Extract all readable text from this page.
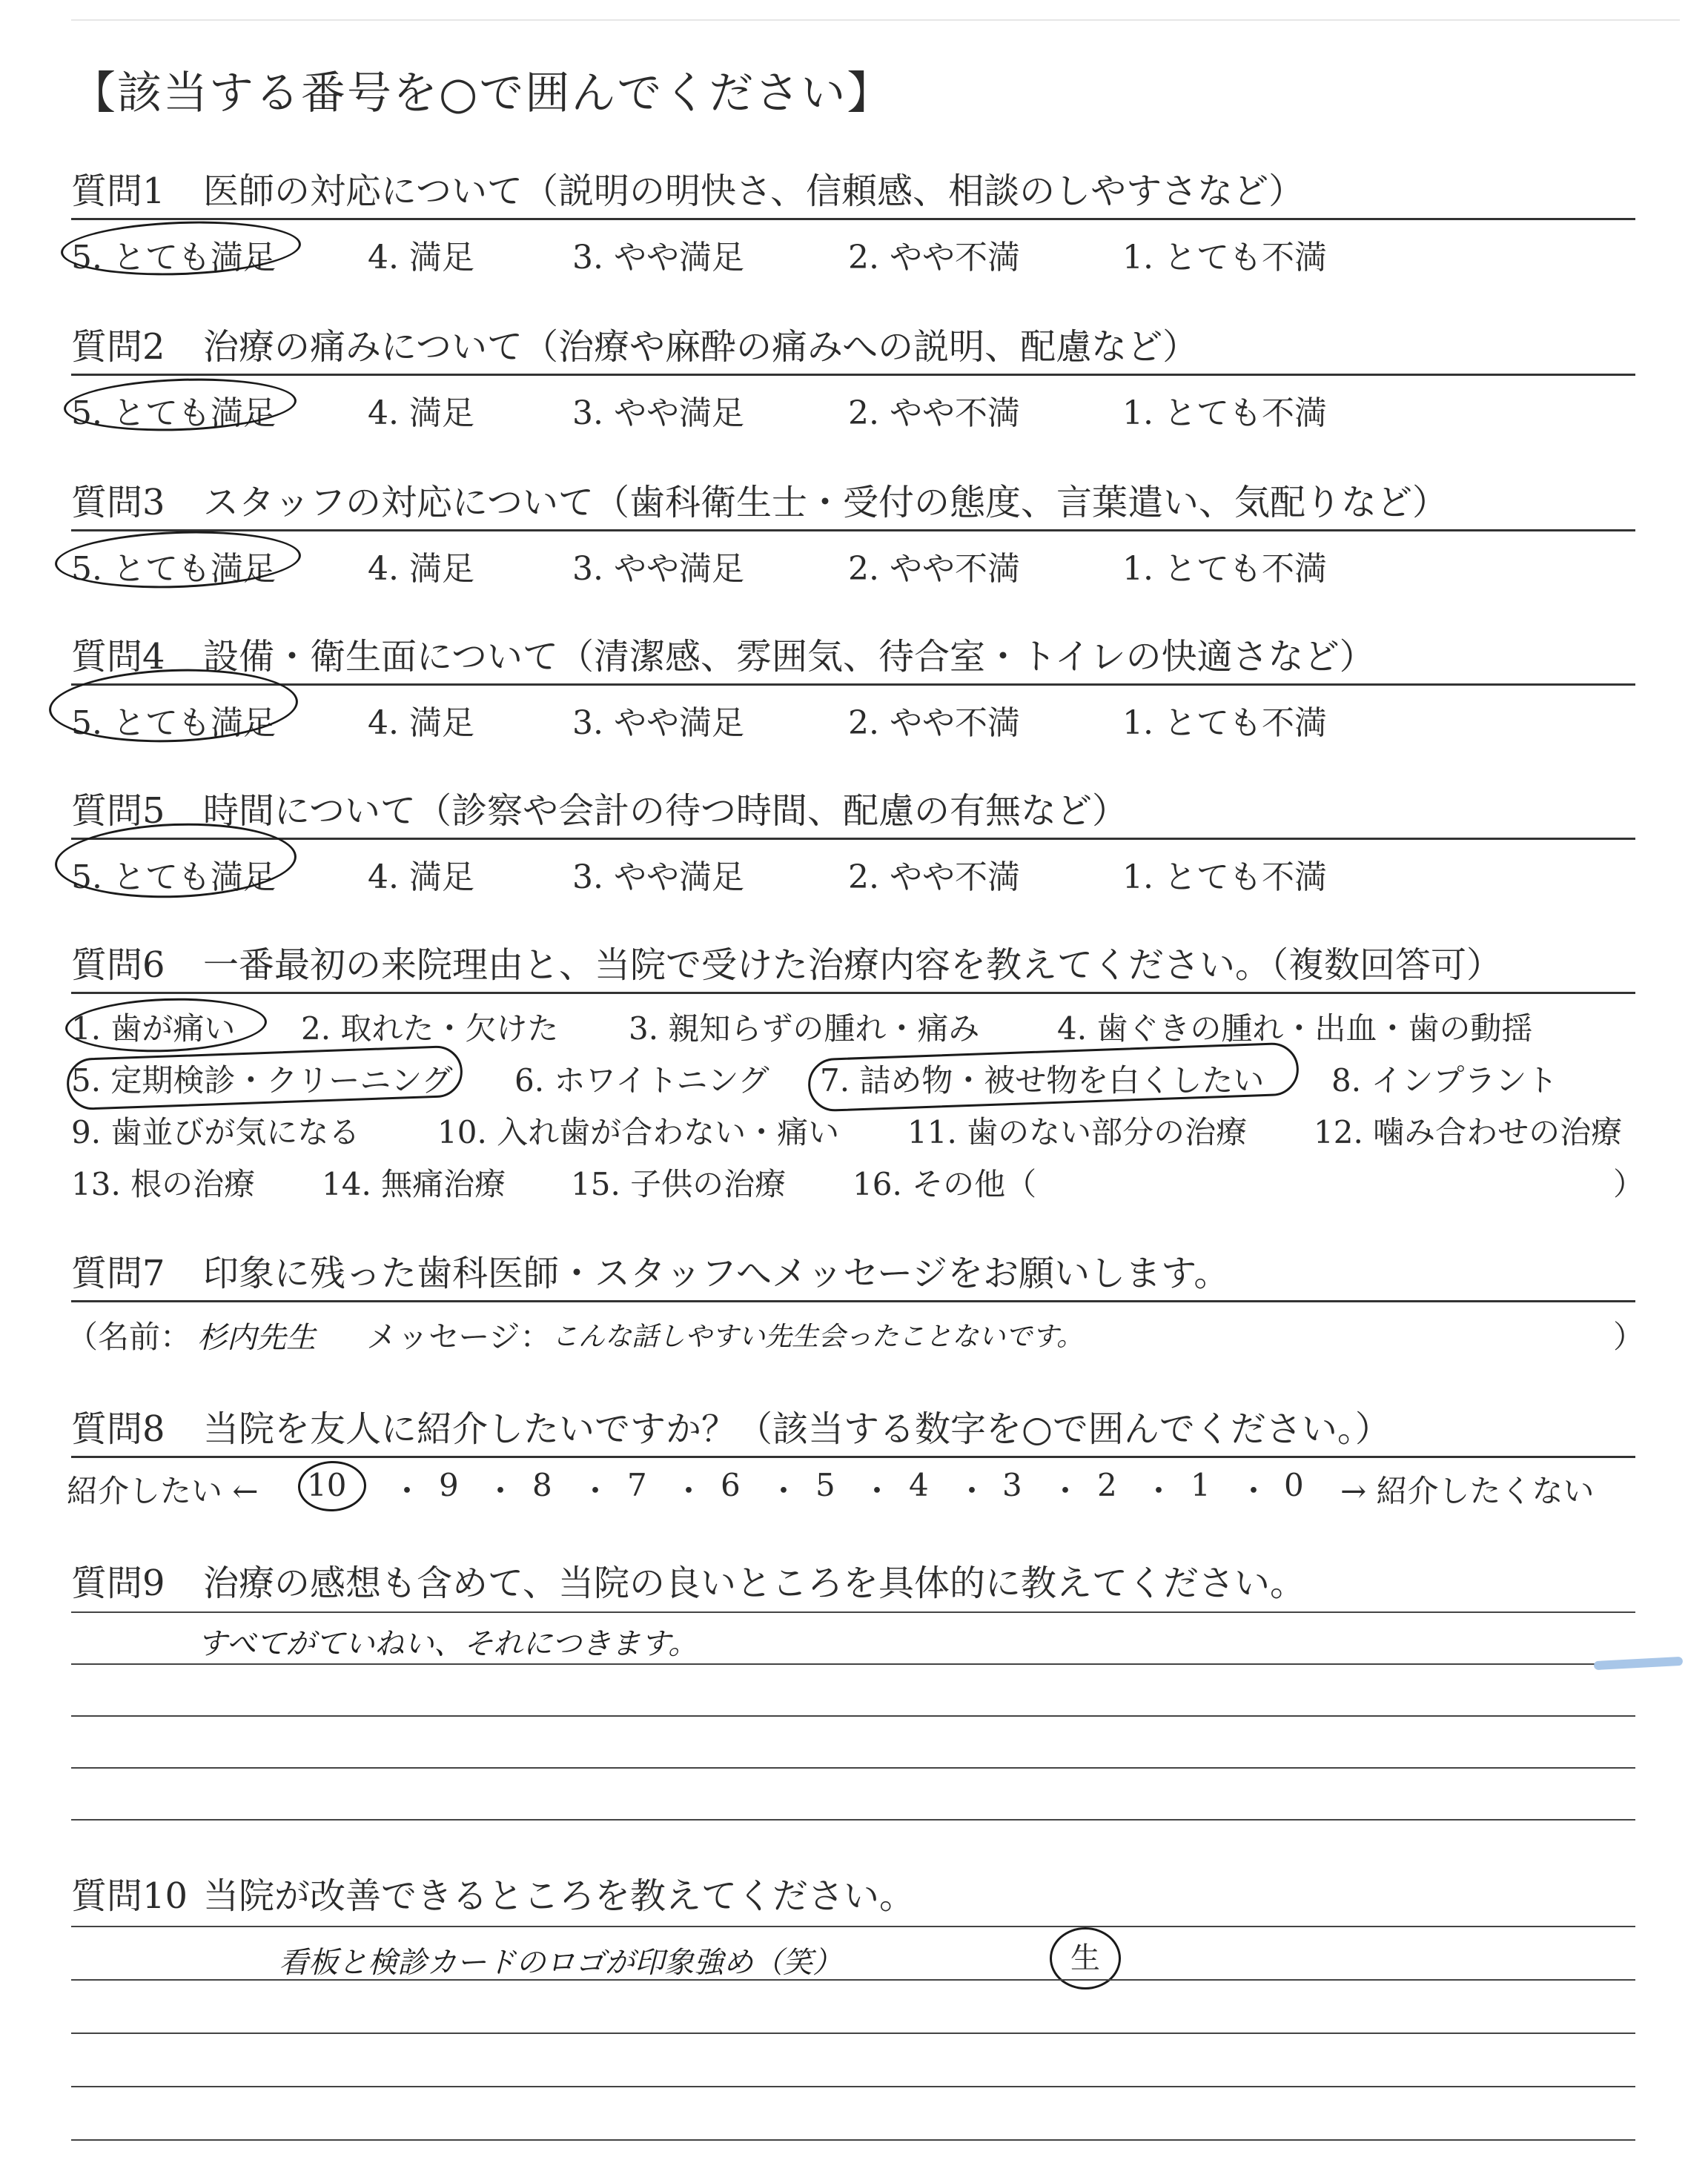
【該当する番号を○で囲んでください】
質問1 医師の対応について（説明の明快さ、信頼感、相談のしやすさなど）
5. とても満足	4. 満足	3. やや満足	2. やや不満	1. とても不満
質問2 治療の痛みについて（治療や麻酔の痛みへの説明、配慮など）
5. とても満足	4. 満足	3. やや満足	2. やや不満	1. とても不満
質問3 スタッフの対応について（歯科衛生士・受付の態度、言葉遣い、気配りなど）
5. とても満足	4. 満足	3. やや満足	2. やや不満	1. とても不満
質問4 設備・衛生面について（清潔感、雰囲気、待合室・トイレの快適さなど）
5. とても満足	4. 満足	3. やや満足	2. やや不満	1. とても不満
質問5 時間について（診察や会計の待つ時間、配慮の有無など）
5. とても満足	4. 満足	3. やや満足	2. やや不満	1. とても不満
質問6 一番最初の来院理由と、当院で受けた治療内容を教えてください。（複数回答可）
1. 歯が痛い 2. 取れた・欠けた 3. 親知らずの腫れ・痛み 4. 歯ぐきの腫れ・出血・歯の動揺
5. 定期検診・クリーニング 6. ホワイトニング 7. 詰め物・被せ物を白くしたい 8. インプラント
9. 歯並びが気になる 10. 入れ歯が合わない・痛い 11. 歯のない部分の治療 12. 噛み合わせの治療
13. 根の治療 14. 無痛治療 15. 子供の治療 16. その他（	）
質問7 印象に残った歯科医師・スタッフへメッセージをお願いします。
（名前： 杉内先生 メッセージ： こんな話しやすい先生会ったことないです。	）
質問8 当院を友人に紹介したいですか？（該当する数字を○で囲んでください。）
紹介したい ← 10 ・ 9 ・ 8 ・ 7 ・ 6 ・ 5 ・ 4 ・ 3 ・ 2 ・ 1 ・ 0 → 紹介したくない
質問9 治療の感想も含めて、当院の良いところを具体的に教えてください。
すべてがていねい、それにつきます。
質問10 当院が改善できるところを教えてください。
看板と検診カードのロゴが印象強め（笑）	生
